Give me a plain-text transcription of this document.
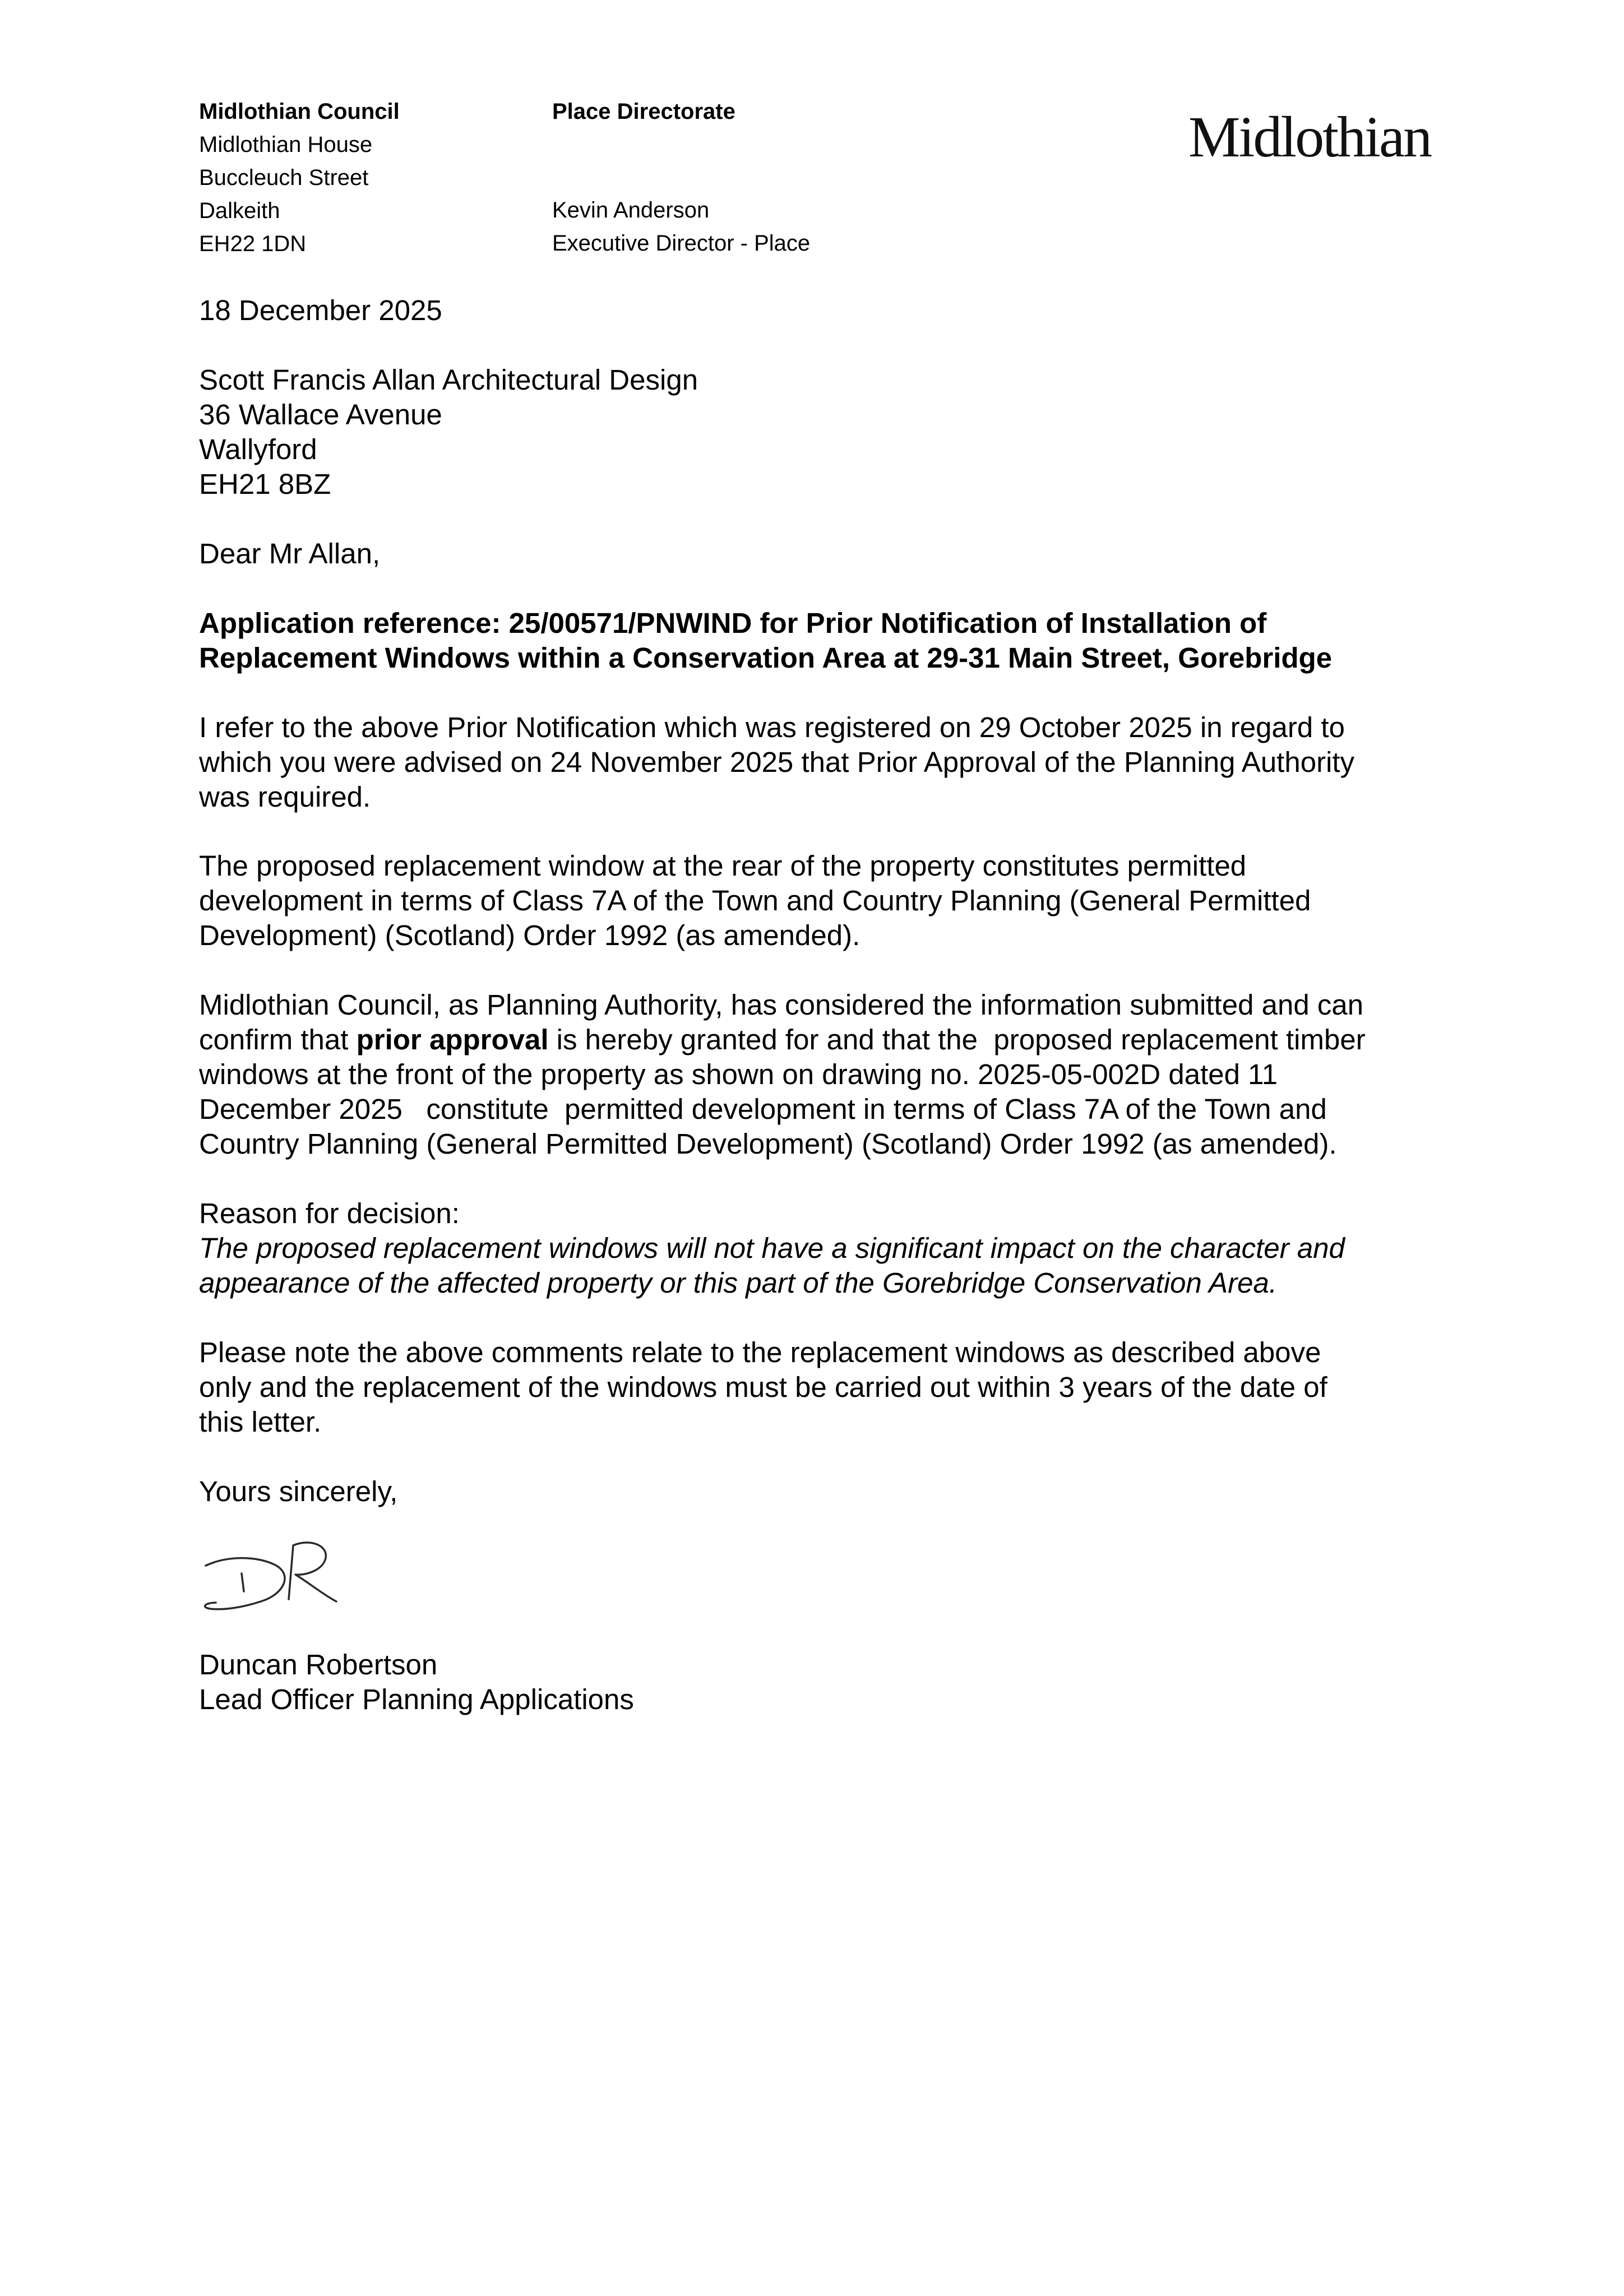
Midlothian Council
Midlothian House
Buccleuch Street
Dalkeith
EH22 1DN
Place Directorate
Kevin Anderson
Executive Director - Place
Midlothian
18 December 2025
Scott Francis Allan Architectural Design
36 Wallace Avenue
Wallyford
EH21 8BZ
Dear Mr Allan,
Application reference: 25/00571/PNWIND for Prior Notification of Installation of
Replacement Windows within a Conservation Area at 29-31 Main Street, Gorebridge
I refer to the above Prior Notification which was registered on 29 October 2025 in regard to
which you were advised on 24 November 2025 that Prior Approval of the Planning Authority
was required.
The proposed replacement window at the rear of the property constitutes permitted
development in terms of Class 7A of the Town and Country Planning (General Permitted
Development) (Scotland) Order 1992 (as amended).
Midlothian Council, as Planning Authority, has considered the information submitted and can
confirm that prior approval is hereby granted for and that the  proposed replacement timber
windows at the front of the property as shown on drawing no. 2025-05-002D dated 11
December 2025   constitute  permitted development in terms of Class 7A of the Town and
Country Planning (General Permitted Development) (Scotland) Order 1992 (as amended).
Reason for decision:
The proposed replacement windows will not have a significant impact on the character and
appearance of the affected property or this part of the Gorebridge Conservation Area.
Please note the above comments relate to the replacement windows as described above
only and the replacement of the windows must be carried out within 3 years of the date of
this letter.
Yours sincerely,
Duncan Robertson
Lead Officer Planning Applications
